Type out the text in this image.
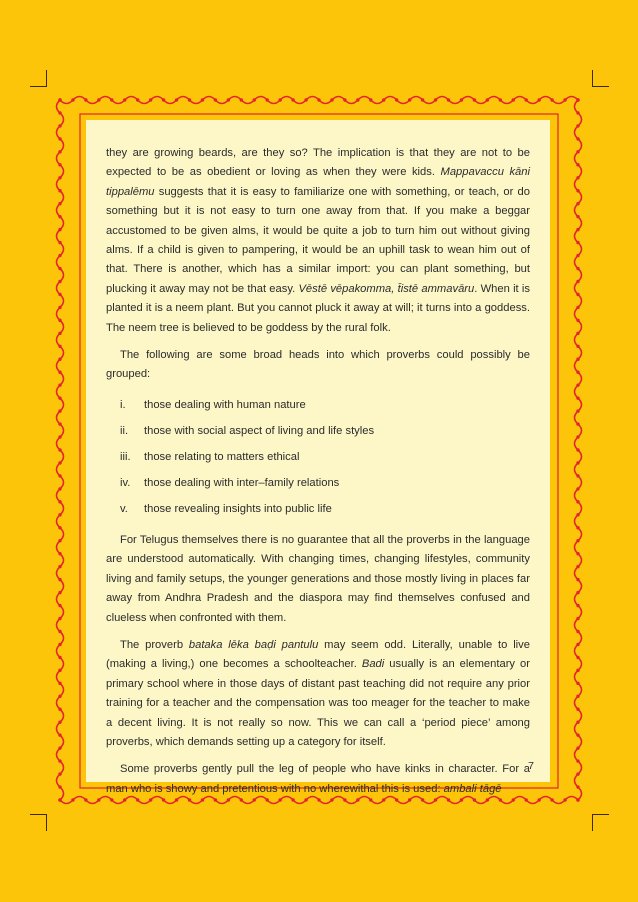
they are growing beards, are they so? The implication is that they are not to be expected to be as obedient or loving as when they were kids. Mappavaccu kāni tippalēmu suggests that it is easy to familiarize one with something, or teach, or do something but it is not easy to turn one away from that. If you make a beggar accustomed to be given alms, it would be quite a job to turn him out without giving alms. If a child is given to pampering, it would be an uphill task to wean him out of that. There is another, which has a similar import: you can plant something, but plucking it away may not be that easy. Vēstē vēpakomma, t̄istē ammavāru. When it is planted it is a neem plant. But you cannot pluck it away at will; it turns into a goddess. The neem tree is believed to be goddess by the rural folk.

The following are some broad heads into which proverbs could possibly be grouped:

i.	those dealing with human nature
ii.	those with social aspect of living and life styles
iii.	those relating to matters ethical
iv.	those dealing with inter–family relations
v.	those revealing insights into public life

For Telugus themselves there is no guarantee that all the proverbs in the language are understood automatically. With changing times, changing lifestyles, community living and family setups, the younger generations and those mostly living in places far away from Andhra Pradesh and the diaspora may find themselves confused and clueless when confronted with them.

The proverb bataka lēka baḍi pantulu may seem odd. Literally, unable to live (making a living,) one becomes a schoolteacher. Badi usually is an elementary or primary school where in those days of distant past teaching did not require any prior training for a teacher and the compensation was too meager for the teacher to make a decent living. It is not really so now. This we can call a ‘period piece’ among proverbs, which demands setting up a category for itself.

Some proverbs gently pull the leg of people who have kinks in character. For a man who is showy and pretentious with no wherewithal this is used: ambali tāgē

7
